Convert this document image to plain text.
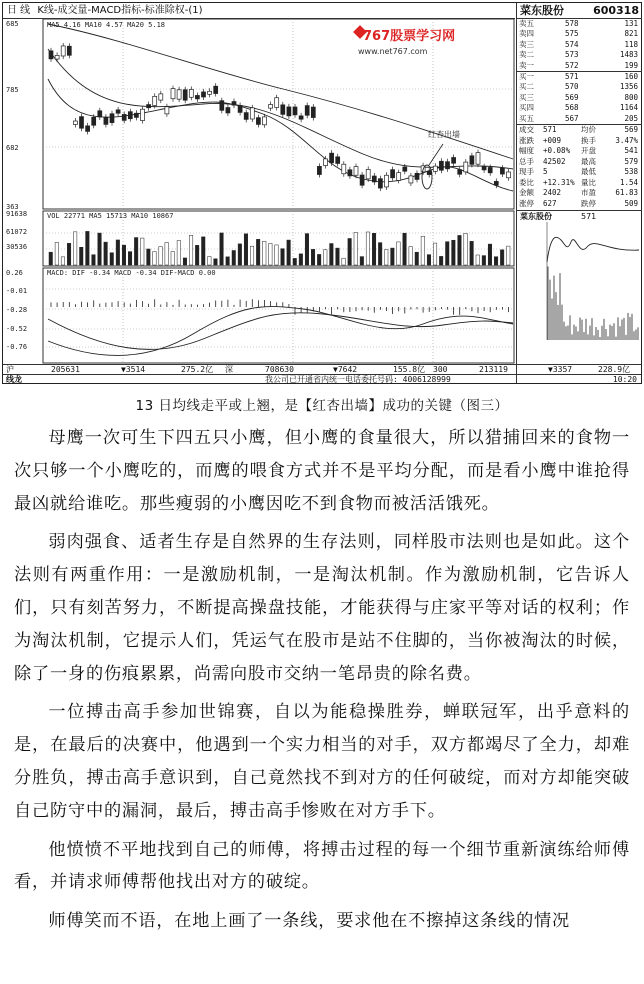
日 线 K线-成交量-MACD指标-标准除权-(1)
MA5 4.16 MA10 4.57 MA20 5.18
VOL 22771 MA5 15713 MA10 10867
MACD: DIF -0.34 MACD -0.34 DIF-MACD 0.00
685
785
682
363
91638
61072
30536
0.26
-0.01
-0.28
-0.52
-0.76
767股票学习网
www.net767.com
红杏出墙
菜东股份	600318
卖五	578	131
卖四	575	821
卖三	574	118
卖二	573	1483
卖一	572	199
买一	571	160
买二	570	1356
买三	569	800
买四	568	1164
买五	567	205
成交 571	均价	569
涨跌 +009	换手	3.47%
幅度 +0.08% 开盘	541
总手 42502 最高	579
现手 5	最低	538
委比 +12.31% 量比	1.54
金额 2402	市盈	61.83
涨停 627	跌停	509
菜东股份	571
沪	205631	▼3514	275.2亿 深	708630	▼7642	155.8亿 300	213119	▼3357	228.9亿
线龙	我公司已开通省内统一电话委托号码: 4006128999	10:20
13 日均线走平或上翘，是【红杏出墙】成功的关键（图三）

母鹰一次可生下四五只小鹰，但小鹰的食量很大，所以猎捕回来的食物一次只够一个小鹰吃的，而鹰的喂食方式并不是平均分配，而是看小鹰中谁抢得最凶就给谁吃。那些瘦弱的小鹰因吃不到食物而被活活饿死。

弱肉强食、适者生存是自然界的生存法则，同样股市法则也是如此。这个法则有两重作用：一是激励机制，一是淘汰机制。作为激励机制，它告诉人们，只有刻苦努力，不断提高操盘技能，才能获得与庄家平等对话的权利；作为淘汰机制，它提示人们，凭运气在股市是站不住脚的，当你被淘汰的时候，除了一身的伤痕累累，尚需向股市交纳一笔昂贵的除名费。

一位搏击高手参加世锦赛，自以为能稳操胜券，蝉联冠军，出乎意料的是，在最后的决赛中，他遇到一个实力相当的对手，双方都竭尽了全力，却难分胜负，搏击高手意识到，自己竟然找不到对方的任何破绽，而对方却能突破自己防守中的漏洞，最后，搏击高手惨败在对方手下。

他愤愤不平地找到自己的师傅，将搏击过程的每一个细节重新演练给师傅看，并请求师傅帮他找出对方的破绽。

师傅笑而不语，在地上画了一条线，要求他在不擦掉这条线的情况
